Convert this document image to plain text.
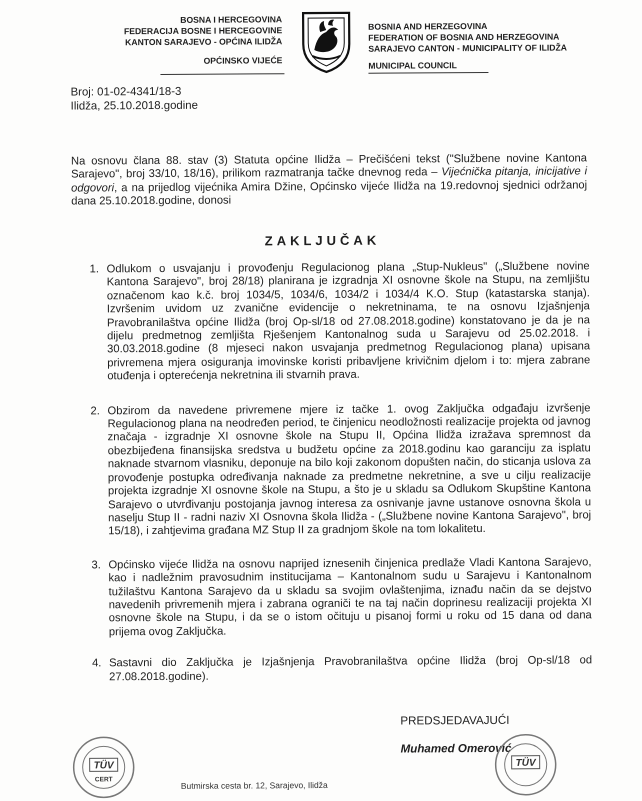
BOSNA I HERCEGOVINA
FEDERACIJA BOSNE I HERCEGOVINE
KANTON SARAJEVO - OPĆINA ILIDŽA
OPĆINSKO VIJEĆE
BOSNIA AND HERZEGOVINA
FEDERATION OF BOSNIA AND HERZEGOVINA
SARAJEVO CANTON - MUNICIPALITY OF ILIDŽA
MUNICIPAL COUNCIL
Broj: 01-02-4341/18-3
Ilidža, 25.10.2018.godine

Na osnovu člana 88. stav (3) Statuta općine Ilidža – Prečišćeni tekst ("Službene novine Kantona Sarajevo", broj 33/10, 18/16), prilikom razmatranja tačke dnevnog reda – Vijećnička pitanja, inicijative i odgovori, a na prijedlog vijećnika Amira Džine, Općinsko vijeće Ilidža na 19.redovnoj sjednici održanoj dana 25.10.2018.godine, donosi

ZAKLJUČAK
1. Odlukom o usvajanju i provođenju Regulacionog plana „Stup-Nukleus" („Službene novine Kantona Sarajevo", broj 28/18) planirana je izgradnja XI osnovne škole na Stupu, na zemljištu označenom kao k.č. broj 1034/5, 1034/6, 1034/2 i 1034/4 K.O. Stup (katastarska stanja). Izvršenim uvidom uz zvanične evidencije o nekretninama, te na osnovu Izjašnjenja Pravobranilaštva općine Ilidža (broj Op-sl/18 od 27.08.2018.godine) konstatovano je da je na dijelu predmetnog zemljišta Rješenjem Kantonalnog suda u Sarajevu od 25.02.2018. i 30.03.2018.godine (8 mjeseci nakon usvajanja predmetnog Regulacionog plana) upisana privremena mjera osiguranja imovinske koristi pribavljene krivičnim djelom i to: mjera zabrane otuđenja i opterećenja nekretnina ili stvarnih prava.
2. Obzirom da navedene privremene mjere iz tačke 1. ovog Zaključka odgađaju izvršenje Regulacionog plana na neodređen period, te činjenicu neodložnosti realizacije projekta od javnog značaja - izgradnje XI osnovne škole na Stupu II, Općina Ilidža izražava spremnost da obezbijeđena finansijska sredstva u budžetu općine za 2018.godinu kao garanciju za isplatu naknade stvarnom vlasniku, deponuje na bilo koji zakonom dopušten način, do sticanja uslova za provođenje postupka određivanja naknade za predmetne nekretnine, a sve u cilju realizacije projekta izgradnje XI osnovne škole na Stupu, a što je u skladu sa Odlukom Skupštine Kantona Sarajevo o utvrđivanju postojanja javnog interesa za osnivanje javne ustanove osnovna škola u naselju Stup II - radni naziv XI Osnovna škola Ilidža - („Službene novine Kantona Sarajevo", broj 15/18), i zahtjevima građana MZ Stup II za gradnjom škole na tom lokalitetu.
3. Općinsko vijeće Ilidža na osnovu naprijed iznesenih činjenica predlaže Vladi Kantona Sarajevo, kao i nadležnim pravosudnim institucijama – Kantonalnom sudu u Sarajevu i Kantonalnom tužilaštvu Kantona Sarajevo da u skladu sa svojim ovlaštenjima, iznađu način da se dejstvo navedenih privremenih mjera i zabrana ograniči te na taj način doprinesu realizaciji projekta XI osnovne škole na Stupu, i da se o istom očituju u pisanoj formi u roku od 15 dana od dana prijema ovog Zaključka.
4. Sastavni dio Zaključka je Izjašnjenja Pravobranilaštva općine Ilidža (broj Op-sl/18 od 27.08.2018.godine).
PREDSJEDAVAJUĆI
Muhamed Omerović
TÜV
CERT
TÜV
Butmirska cesta br. 12, Sarajevo, Ilidža
